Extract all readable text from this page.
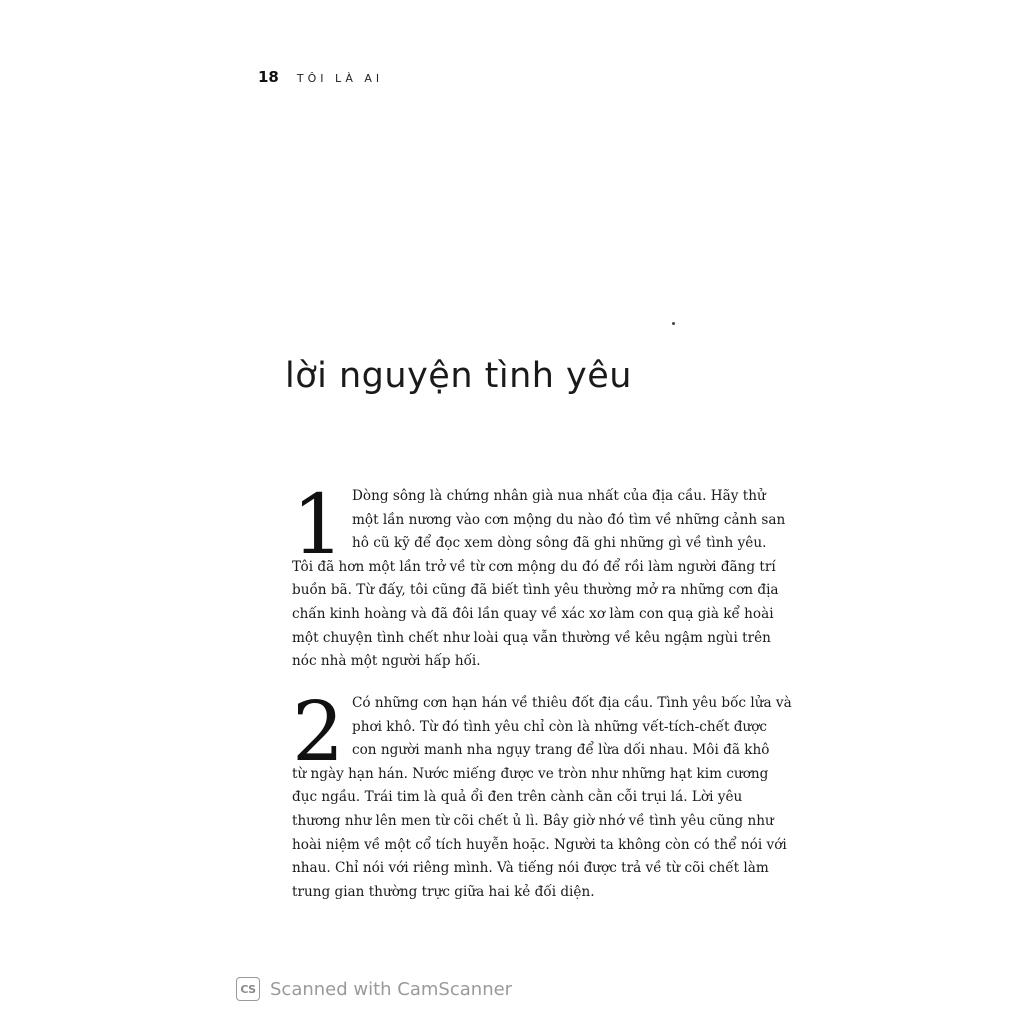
18 TÔI LÀ AI
lời nguyện tình yêu
1 Dòng sông là chứng nhân già nua nhất của địa cầu. Hãy thử
một lần nương vào cơn mộng du nào đó tìm về những cảnh san
hô cũ kỹ để đọc xem dòng sông đã ghi những gì về tình yêu.
Tôi đã hơn một lần trở về từ cơn mộng du đó để rồi làm người đãng trí
buồn bã. Từ đấy, tôi cũng đã biết tình yêu thường mở ra những cơn địa
chấn kinh hoàng và đã đôi lần quay về xác xơ làm con quạ già kể hoài
một chuyện tình chết như loài quạ vẫn thường về kêu ngậm ngùi trên
nóc nhà một người hấp hối.

2 Có những cơn hạn hán về thiêu đốt địa cầu. Tình yêu bốc lửa và
phơi khô. Từ đó tình yêu chỉ còn là những vết-tích-chết được
con người manh nha ngụy trang để lừa dối nhau. Môi đã khô
từ ngày hạn hán. Nước miếng được ve tròn như những hạt kim cương
đục ngầu. Trái tim là quả ổi đen trên cành cằn cỗi trụi lá. Lời yêu
thương như lên men từ cõi chết ủ lì. Bây giờ nhớ về tình yêu cũng như
hoài niệm về một cổ tích huyễn hoặc. Người ta không còn có thể nói với
nhau. Chỉ nói với riêng mình. Và tiếng nói được trả về từ cõi chết làm
trung gian thường trực giữa hai kẻ đối diện.

CS Scanned with CamScanner
